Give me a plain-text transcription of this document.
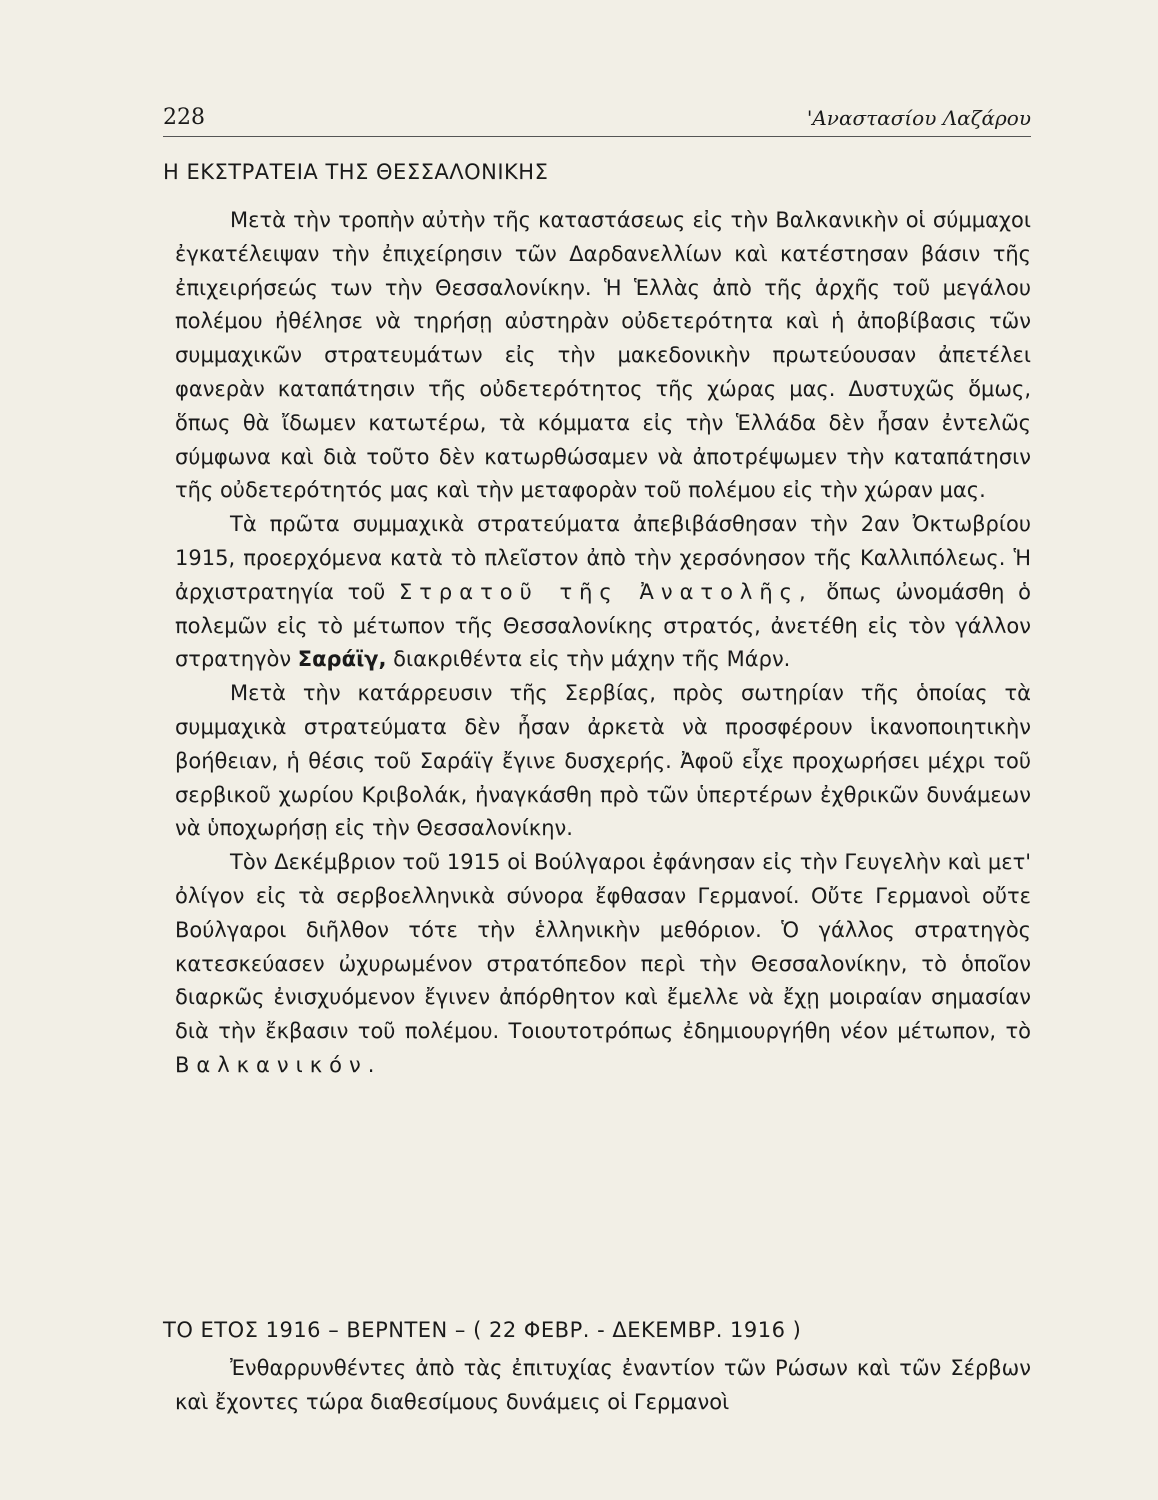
228	'Αναστασίου Λαζάρου
Η ΕΚΣΤΡΑΤΕΙΑ ΤΗΣ ΘΕΣΣΑΛΟΝΙΚΗΣ

Μετὰ τὴν τροπὴν αὐτὴν τῆς καταστάσεως εἰς τὴν Βαλκανικὴν οἱ σύμμαχοι ἐγκατέλειψαν τὴν ἐπιχείρησιν τῶν Δαρδανελλίων καὶ κατέστησαν βάσιν τῆς ἐπιχειρήσεώς των τὴν Θεσσαλονίκην. Ἡ Ἑλλὰς ἀπὸ τῆς ἀρχῆς τοῦ μεγάλου πολέμου ἠθέλησε νὰ τηρήσῃ αὐστηρὰν οὐδετερότητα καὶ ἡ ἀποβίβασις τῶν συμμαχικῶν στρατευμάτων εἰς τὴν μακεδονικὴν πρωτεύουσαν ἀπετέλει φανερὰν καταπάτησιν τῆς οὐδετερότητος τῆς χώρας μας. Δυστυχῶς ὅμως, ὅπως θὰ ἴδωμεν κατωτέρω, τὰ κόμματα εἰς τὴν Ἑλλάδα δὲν ἦσαν ἐντελῶς σύμφωνα καὶ διὰ τοῦτο δὲν κατωρθώσαμεν νὰ ἀποτρέψωμεν τὴν καταπάτησιν τῆς οὐδετερότητός μας καὶ τὴν μεταφορὰν τοῦ πολέμου εἰς τὴν χώραν μας.

Τὰ πρῶτα συμμαχικὰ στρατεύματα ἀπεβιβάσθησαν τὴν 2αν Ὀκτωβρίου 1915, προερχόμενα κατὰ τὸ πλεῖστον ἀπὸ τὴν χερσόνησον τῆς Καλλιπόλεως. Ἡ ἀρχιστρατηγία τοῦ Στρατοῦ τῆς Ἀνατολῆς, ὅπως ὠνομάσθη ὁ πολεμῶν εἰς τὸ μέτωπον τῆς Θεσσαλονίκης στρατός, ἀνετέθη εἰς τὸν γάλλον στρατηγὸν Σαράϊγ, διακριθέντα εἰς τὴν μάχην τῆς Μάρν.

Μετὰ τὴν κατάρρευσιν τῆς Σερβίας, πρὸς σωτηρίαν τῆς ὁποίας τὰ συμμαχικὰ στρατεύματα δὲν ἦσαν ἀρκετὰ νὰ προσφέρουν ἱκανοποιητικὴν βοήθειαν, ἡ θέσις τοῦ Σαράϊγ ἔγινε δυσχερής. Ἀφοῦ εἶχε προχωρήσει μέχρι τοῦ σερβικοῦ χωρίου Κριβολάκ, ἠναγκάσθη πρὸ τῶν ὑπερτέρων ἐχθρικῶν δυνάμεων νὰ ὑποχωρήσῃ εἰς τὴν Θεσσαλονίκην.

Τὸν Δεκέμβριον τοῦ 1915 οἱ Βούλγαροι ἐφάνησαν εἰς τὴν Γευγελὴν καὶ μετ' ὀλίγον εἰς τὰ σερβοελληνικὰ σύνορα ἔφθασαν Γερμανοί. Οὔτε Γερμανοὶ οὔτε Βούλγαροι διῆλθον τότε τὴν ἑλληνικὴν μεθόριον. Ὁ γάλλος στρατηγὸς κατεσκεύασεν ὠχυρωμένον στρατόπεδον περὶ τὴν Θεσσαλονίκην, τὸ ὁποῖον διαρκῶς ἐνισχυόμενον ἔγινεν ἀπόρθητον καὶ ἔμελλε νὰ ἔχῃ μοιραίαν σημασίαν διὰ τὴν ἔκβασιν τοῦ πολέμου. Τοιουτοτρόπως ἐδημιουργήθη νέον μέτωπον, τὸ Βαλκανικόν.

ΤΟ ΕΤΟΣ 1916 – ΒΕΡΝΤΕΝ – ( 22 ΦΕΒΡ. - ΔΕΚΕΜΒΡ. 1916 )

Ἐνθαρρυνθέντες ἀπὸ τὰς ἐπιτυχίας ἐναντίον τῶν Ρώσων καὶ τῶν Σέρβων καὶ ἔχοντες τώρα διαθεσίμους δυνάμεις οἱ Γερμανοὶ
